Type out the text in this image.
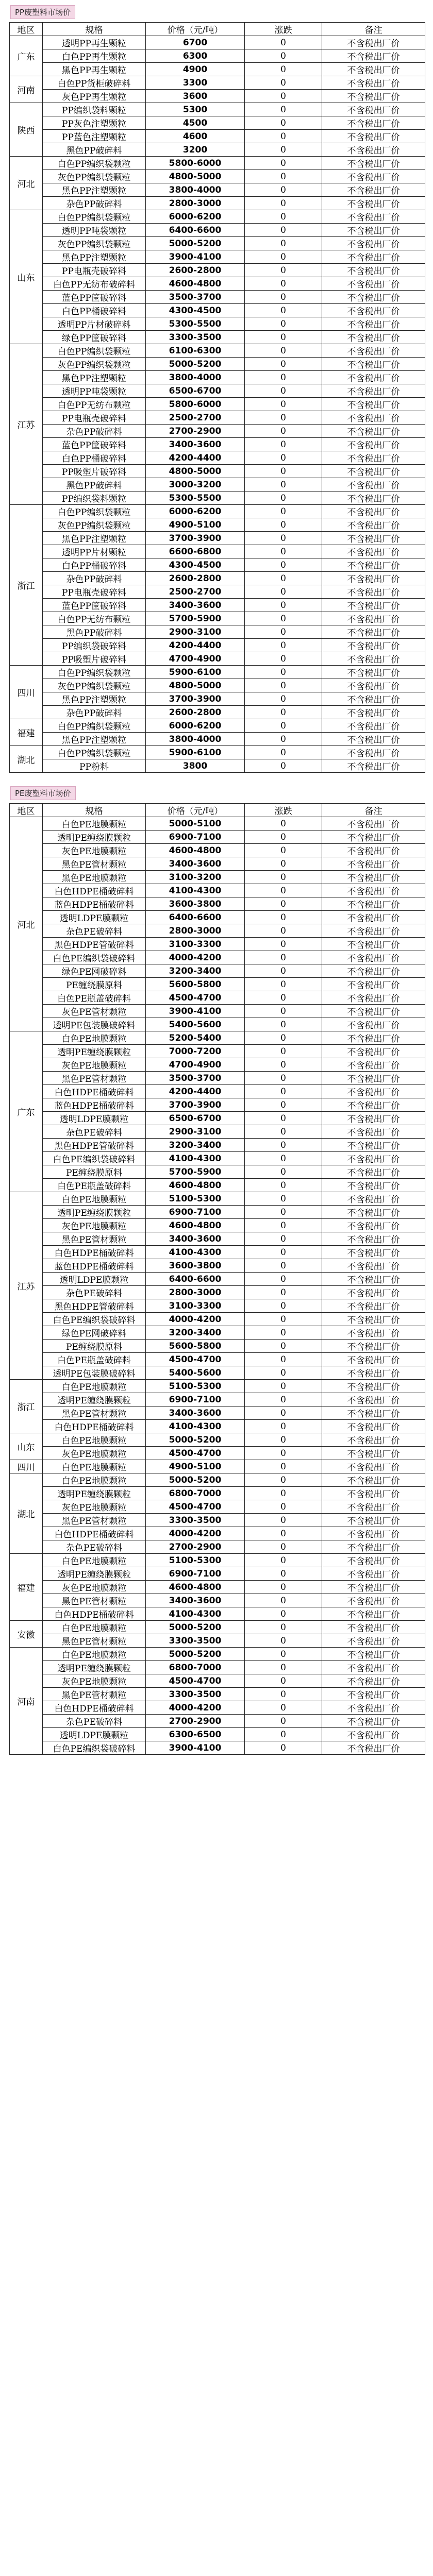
PP废塑料市场价
地区	规格	价格（元/吨）	涨跌	备注
广东	透明PP再生颗粒	6700	0	不含税出厂价
	白色PP再生颗粒	6300	0	不含税出厂价
	黑色PP再生颗粒	4900	0	不含税出厂价
河南	白色PP货柜破碎料	3300	0	不含税出厂价
	灰色PP再生颗粒	3600	0	不含税出厂价
陕西	PP编织袋料颗粒	5300	0	不含税出厂价
	PP灰色注塑颗粒	4500	0	不含税出厂价
	PP蓝色注塑颗粒	4600	0	不含税出厂价
	黑色PP破碎料	3200	0	不含税出厂价
河北	白色PP编织袋颗粒	5800-6000	0	不含税出厂价
	灰色PP编织袋颗粒	4800-5000	0	不含税出厂价
	黑色PP注塑颗粒	3800-4000	0	不含税出厂价
	杂色PP破碎料	2800-3000	0	不含税出厂价
山东	白色PP编织袋颗粒	6000-6200	0	不含税出厂价
	透明PP吨袋颗粒	6400-6600	0	不含税出厂价
	灰色PP编织袋颗粒	5000-5200	0	不含税出厂价
	黑色PP注塑颗粒	3900-4100	0	不含税出厂价
	PP电瓶壳破碎料	2600-2800	0	不含税出厂价
	白色PP无纺布破碎料	4600-4800	0	不含税出厂价
	蓝色PP筐破碎料	3500-3700	0	不含税出厂价
	白色PP桶破碎料	4300-4500	0	不含税出厂价
	透明PP片材破碎料	5300-5500	0	不含税出厂价
	绿色PP筐破碎料	3300-3500	0	不含税出厂价
江苏	白色PP编织袋颗粒	6100-6300	0	不含税出厂价
	灰色PP编织袋颗粒	5000-5200	0	不含税出厂价
	黑色PP注塑颗粒	3800-4000	0	不含税出厂价
	透明PP吨袋颗粒	6500-6700	0	不含税出厂价
	白色PP无纺布颗粒	5800-6000	0	不含税出厂价
	PP电瓶壳破碎料	2500-2700	0	不含税出厂价
	杂色PP破碎料	2700-2900	0	不含税出厂价
	蓝色PP筐破碎料	3400-3600	0	不含税出厂价
	白色PP桶破碎料	4200-4400	0	不含税出厂价
	PP吸塑片破碎料	4800-5000	0	不含税出厂价
	黑色PP破碎料	3000-3200	0	不含税出厂价
	PP编织袋料颗粒	5300-5500	0	不含税出厂价
浙江	白色PP编织袋颗粒	6000-6200	0	不含税出厂价
	灰色PP编织袋颗粒	4900-5100	0	不含税出厂价
	黑色PP注塑颗粒	3700-3900	0	不含税出厂价
	透明PP片材颗粒	6600-6800	0	不含税出厂价
	白色PP桶破碎料	4300-4500	0	不含税出厂价
	杂色PP破碎料	2600-2800	0	不含税出厂价
	PP电瓶壳破碎料	2500-2700	0	不含税出厂价
	蓝色PP筐破碎料	3400-3600	0	不含税出厂价
	白色PP无纺布颗粒	5700-5900	0	不含税出厂价
	黑色PP破碎料	2900-3100	0	不含税出厂价
	PP编织袋破碎料	4200-4400	0	不含税出厂价
	PP吸塑片破碎料	4700-4900	0	不含税出厂价
四川	白色PP编织袋颗粒	5900-6100	0	不含税出厂价
	灰色PP编织袋颗粒	4800-5000	0	不含税出厂价
	黑色PP注塑颗粒	3700-3900	0	不含税出厂价
	杂色PP破碎料	2600-2800	0	不含税出厂价
福建	白色PP编织袋颗粒	6000-6200	0	不含税出厂价
	黑色PP注塑颗粒	3800-4000	0	不含税出厂价
湖北	白色PP编织袋颗粒	5900-6100	0	不含税出厂价
	PP粉料	3800	0	不含税出厂价
PE废塑料市场价
地区	规格	价格（元/吨）	涨跌	备注
河北	白色PE地膜颗粒	5000-5100	0	不含税出厂价
	透明PE缠绕膜颗粒	6900-7100	0	不含税出厂价
	灰色PE地膜颗粒	4600-4800	0	不含税出厂价
	黑色PE管材颗粒	3400-3600	0	不含税出厂价
	黑色PE地膜颗粒	3100-3200	0	不含税出厂价
	白色HDPE桶破碎料	4100-4300	0	不含税出厂价
	蓝色HDPE桶破碎料	3600-3800	0	不含税出厂价
	透明LDPE膜颗粒	6400-6600	0	不含税出厂价
	杂色PE破碎料	2800-3000	0	不含税出厂价
	黑色HDPE管破碎料	3100-3300	0	不含税出厂价
	白色PE编织袋破碎料	4000-4200	0	不含税出厂价
	绿色PE网破碎料	3200-3400	0	不含税出厂价
	PE缠绕膜原料	5600-5800	0	不含税出厂价
	白色PE瓶盖破碎料	4500-4700	0	不含税出厂价
	灰色PE管材颗粒	3900-4100	0	不含税出厂价
	透明PE包装膜破碎料	5400-5600	0	不含税出厂价
广东	白色PE地膜颗粒	5200-5400	0	不含税出厂价
	透明PE缠绕膜颗粒	7000-7200	0	不含税出厂价
	灰色PE地膜颗粒	4700-4900	0	不含税出厂价
	黑色PE管材颗粒	3500-3700	0	不含税出厂价
	白色HDPE桶破碎料	4200-4400	0	不含税出厂价
	蓝色HDPE桶破碎料	3700-3900	0	不含税出厂价
	透明LDPE膜颗粒	6500-6700	0	不含税出厂价
	杂色PE破碎料	2900-3100	0	不含税出厂价
	黑色HDPE管破碎料	3200-3400	0	不含税出厂价
	白色PE编织袋破碎料	4100-4300	0	不含税出厂价
	PE缠绕膜原料	5700-5900	0	不含税出厂价
	白色PE瓶盖破碎料	4600-4800	0	不含税出厂价
江苏	白色PE地膜颗粒	5100-5300	0	不含税出厂价
	透明PE缠绕膜颗粒	6900-7100	0	不含税出厂价
	灰色PE地膜颗粒	4600-4800	0	不含税出厂价
	黑色PE管材颗粒	3400-3600	0	不含税出厂价
	白色HDPE桶破碎料	4100-4300	0	不含税出厂价
	蓝色HDPE桶破碎料	3600-3800	0	不含税出厂价
	透明LDPE膜颗粒	6400-6600	0	不含税出厂价
	杂色PE破碎料	2800-3000	0	不含税出厂价
	黑色HDPE管破碎料	3100-3300	0	不含税出厂价
	白色PE编织袋破碎料	4000-4200	0	不含税出厂价
	绿色PE网破碎料	3200-3400	0	不含税出厂价
	PE缠绕膜原料	5600-5800	0	不含税出厂价
	白色PE瓶盖破碎料	4500-4700	0	不含税出厂价
	透明PE包装膜破碎料	5400-5600	0	不含税出厂价
浙江	白色PE地膜颗粒	5100-5300	0	不含税出厂价
	透明PE缠绕膜颗粒	6900-7100	0	不含税出厂价
	黑色PE管材颗粒	3400-3600	0	不含税出厂价
	白色HDPE桶破碎料	4100-4300	0	不含税出厂价
山东	白色PE地膜颗粒	5000-5200	0	不含税出厂价
	灰色PE地膜颗粒	4500-4700	0	不含税出厂价
四川	白色PE地膜颗粒	4900-5100	0	不含税出厂价
湖北	白色PE地膜颗粒	5000-5200	0	不含税出厂价
	透明PE缠绕膜颗粒	6800-7000	0	不含税出厂价
	灰色PE地膜颗粒	4500-4700	0	不含税出厂价
	黑色PE管材颗粒	3300-3500	0	不含税出厂价
	白色HDPE桶破碎料	4000-4200	0	不含税出厂价
	杂色PE破碎料	2700-2900	0	不含税出厂价
福建	白色PE地膜颗粒	5100-5300	0	不含税出厂价
	透明PE缠绕膜颗粒	6900-7100	0	不含税出厂价
	灰色PE地膜颗粒	4600-4800	0	不含税出厂价
	黑色PE管材颗粒	3400-3600	0	不含税出厂价
	白色HDPE桶破碎料	4100-4300	0	不含税出厂价
安徽	白色PE地膜颗粒	5000-5200	0	不含税出厂价
	黑色PE管材颗粒	3300-3500	0	不含税出厂价
河南	白色PE地膜颗粒	5000-5200	0	不含税出厂价
	透明PE缠绕膜颗粒	6800-7000	0	不含税出厂价
	灰色PE地膜颗粒	4500-4700	0	不含税出厂价
	黑色PE管材颗粒	3300-3500	0	不含税出厂价
	白色HDPE桶破碎料	4000-4200	0	不含税出厂价
	杂色PE破碎料	2700-2900	0	不含税出厂价
	透明LDPE膜颗粒	6300-6500	0	不含税出厂价
	白色PE编织袋破碎料	3900-4100	0	不含税出厂价
